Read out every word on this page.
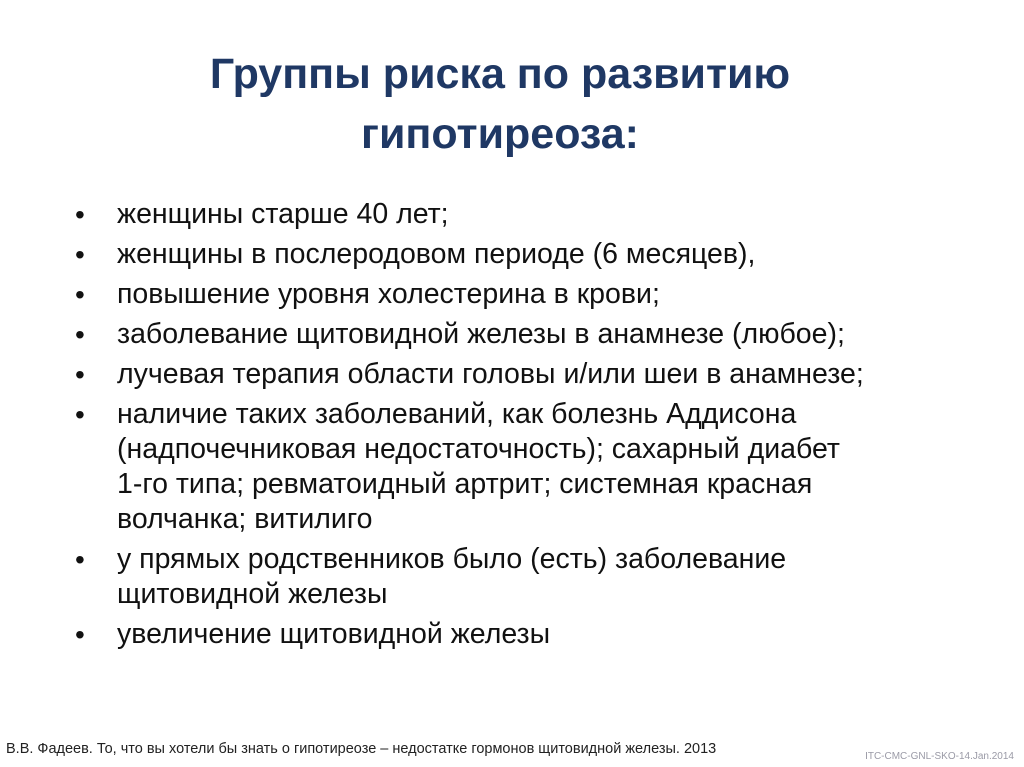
Группы риска по развитию
гипотиреоза:
• женщины старше 40 лет;
• женщины в послеродовом периоде (6 месяцев),
• повышение уровня холестерина в крови;
• заболевание щитовидной железы в анамнезе (любое);
• лучевая терапия области головы и/или шеи в анамнезе;
• наличие таких заболеваний, как болезнь Аддисона
(надпочечниковая недостаточность); сахарный диабет
1-го типа; ревматоидный артрит; системная красная
волчанка; витилиго
• у прямых родственников было (есть) заболевание
щитовидной железы
• увеличение щитовидной железы
В.В. Фадеев. То, что вы хотели бы знать о гипотиреозе – недостатке гормонов щитовидной железы. 2013	ITC-CMC-GNL-SKO-14.Jan.2014
